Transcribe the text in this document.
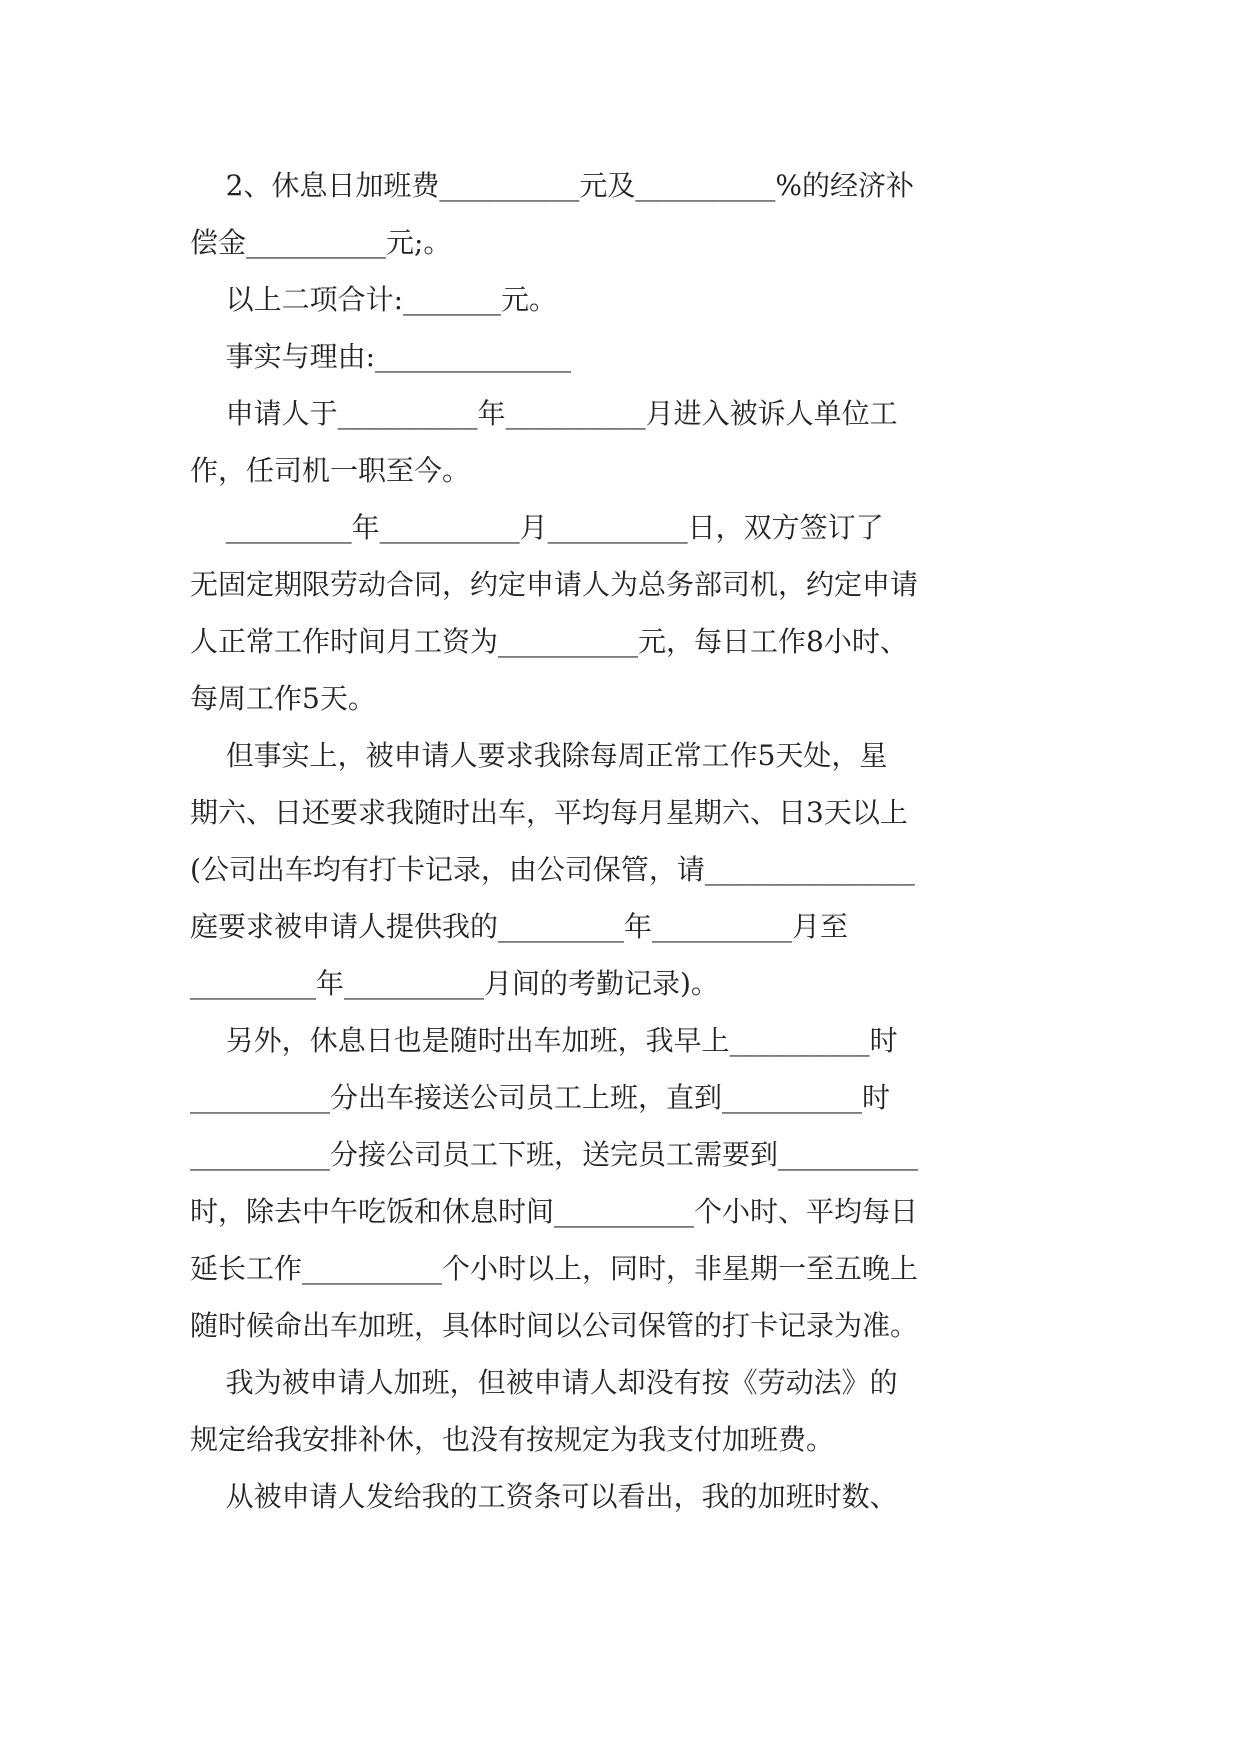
2、休息日加班费__________元及__________%的经济补
偿金__________元;。
以上二项合计:_______元。
事实与理由:______________
申请人于__________年__________月进入被诉人单位工
作，任司机一职至今。
_________年__________月__________日，双方签订了
无固定期限劳动合同，约定申请人为总务部司机，约定申请
人正常工作时间月工资为__________元，每日工作8小时、
每周工作5天。
但事实上，被申请人要求我除每周正常工作5天处，星
期六、日还要求我随时出车，平均每月星期六、日3天以上
(公司出车均有打卡记录，由公司保管，请_______________
庭要求被申请人提供我的_________年__________月至
_________年__________月间的考勤记录)。
另外，休息日也是随时出车加班，我早上__________时
__________分出车接送公司员工上班，直到__________时
__________分接公司员工下班，送完员工需要到__________
时，除去中午吃饭和休息时间__________个小时、平均每日
延长工作__________个小时以上，同时，非星期一至五晚上
随时候命出车加班，具体时间以公司保管的打卡记录为准。
我为被申请人加班，但被申请人却没有按《劳动法》的
规定给我安排补休，也没有按规定为我支付加班费。
从被申请人发给我的工资条可以看出，我的加班时数、
